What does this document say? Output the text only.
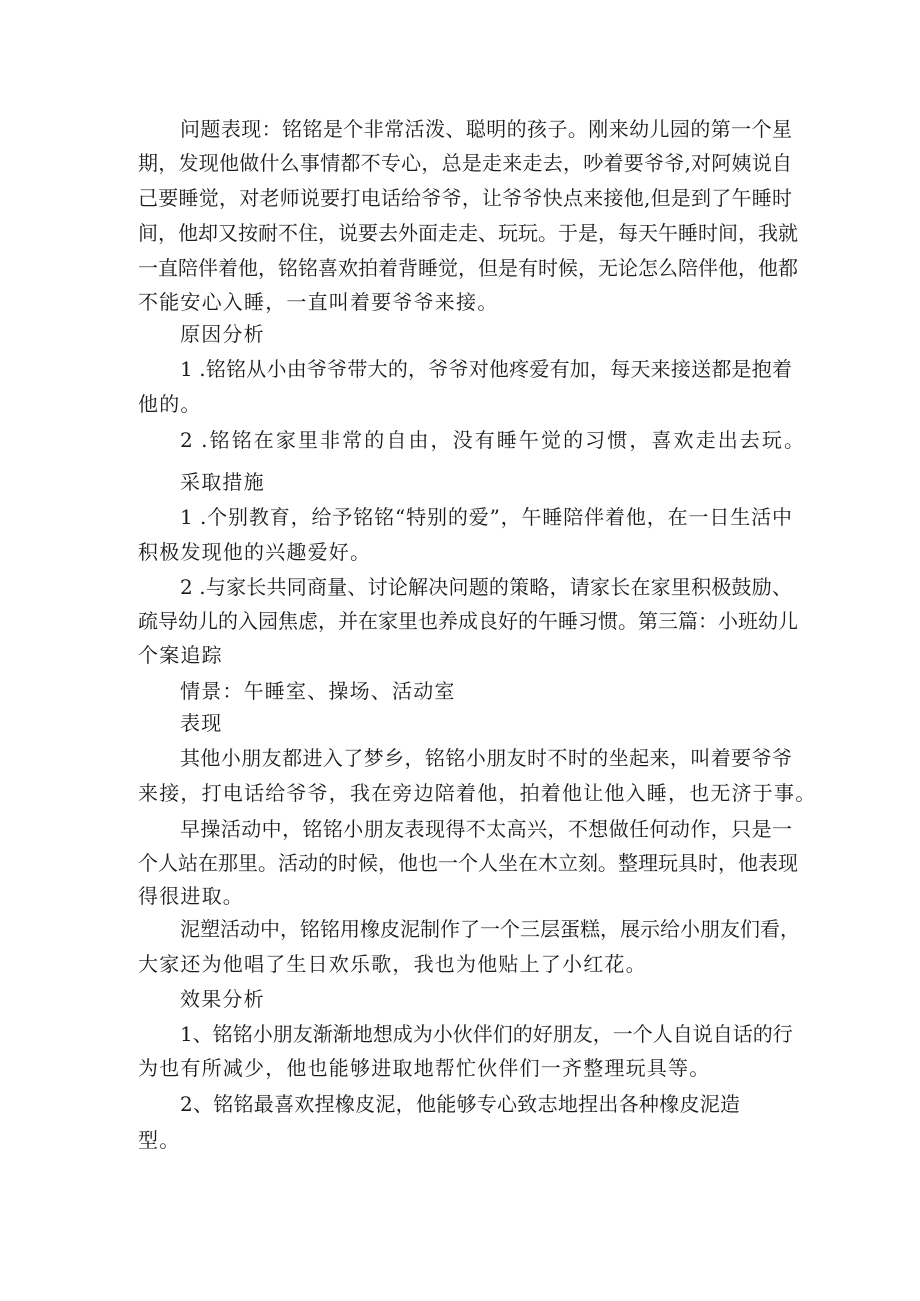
问题表现：铭铭是个非常活泼、聪明的孩子。刚来幼儿园的第一个星
期，发现他做什么事情都不专心，总是走来走去，吵着要爷爷,对阿姨说自
己要睡觉，对老师说要打电话给爷爷，让爷爷快点来接他,但是到了午睡时
间，他却又按耐不住，说要去外面走走、玩玩。于是，每天午睡时间，我就
一直陪伴着他，铭铭喜欢拍着背睡觉，但是有时候，无论怎么陪伴他，他都
不能安心入睡，一直叫着要爷爷来接。
原因分析
1 .铭铭从小由爷爷带大的，爷爷对他疼爱有加，每天来接送都是抱着
他的。
2 .铭铭在家里非常的自由，没有睡午觉的习惯，喜欢走出去玩。
采取措施
1 .个别教育，给予铭铭“特别的爱”，午睡陪伴着他，在一日生活中
积极发现他的兴趣爱好。
2 .与家长共同商量、讨论解决问题的策略，请家长在家里积极鼓励、
疏导幼儿的入园焦虑，并在家里也养成良好的午睡习惯。第三篇：小班幼儿
个案追踪
情景：午睡室、操场、活动室
表现
其他小朋友都进入了梦乡，铭铭小朋友时不时的坐起来，叫着要爷爷
来接，打电话给爷爷，我在旁边陪着他，拍着他让他入睡，也无济于事。
早操活动中，铭铭小朋友表现得不太高兴，不想做任何动作，只是一
个人站在那里。活动的时候，他也一个人坐在木立刻。整理玩具时，他表现
得很进取。
泥塑活动中，铭铭用橡皮泥制作了一个三层蛋糕，展示给小朋友们看，
大家还为他唱了生日欢乐歌，我也为他贴上了小红花。
效果分析
1、铭铭小朋友渐渐地想成为小伙伴们的好朋友，一个人自说自话的行
为也有所减少，他也能够进取地帮忙伙伴们一齐整理玩具等。
2、铭铭最喜欢捏橡皮泥，他能够专心致志地捏出各种橡皮泥造
型。
